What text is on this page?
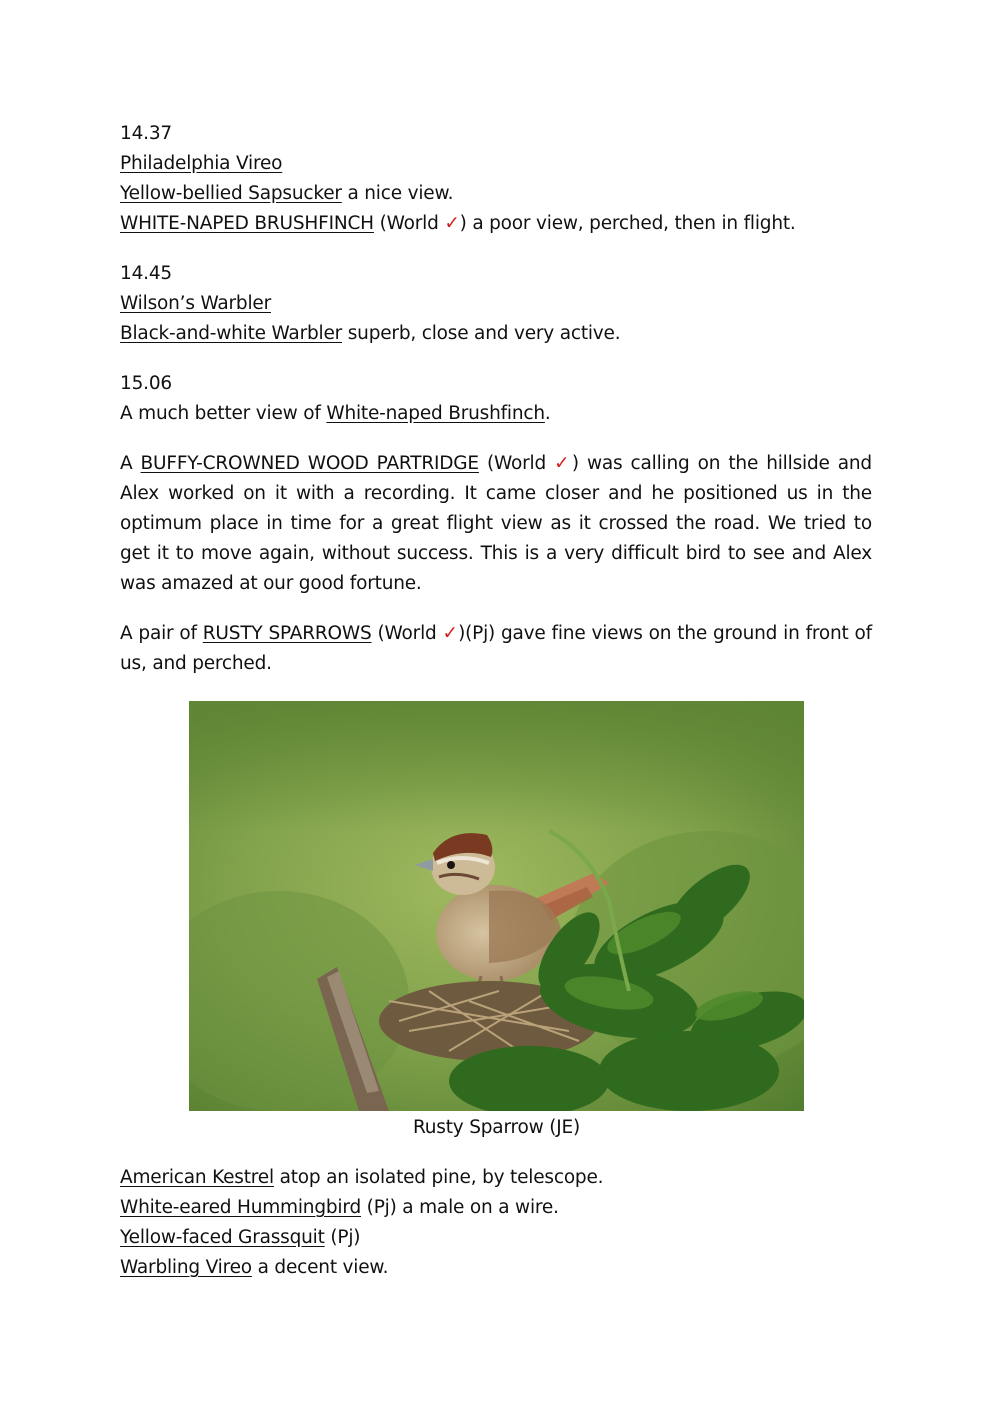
14.37
Philadelphia Vireo
Yellow-bellied Sapsucker a nice view.
WHITE-NAPED BRUSHFINCH (World ✓) a poor view, perched, then in flight.
14.45
Wilson’s Warbler
Black-and-white Warbler superb, close and very active.
15.06
A much better view of White-naped Brushfinch.
A BUFFY-CROWNED WOOD PARTRIDGE (World ✓) was calling on the hillside and Alex worked on it with a recording. It came closer and he positioned us in the optimum place in time for a great flight view as it crossed the road. We tried to get it to move again, without success. This is a very difficult bird to see and Alex was amazed at our good fortune.
A pair of RUSTY SPARROWS (World ✓)(Pj) gave fine views on the ground in front of us, and perched.
Rusty Sparrow (JE)
American Kestrel atop an isolated pine, by telescope.
White-eared Hummingbird (Pj) a male on a wire.
Yellow-faced Grassquit (Pj)
Warbling Vireo a decent view.
